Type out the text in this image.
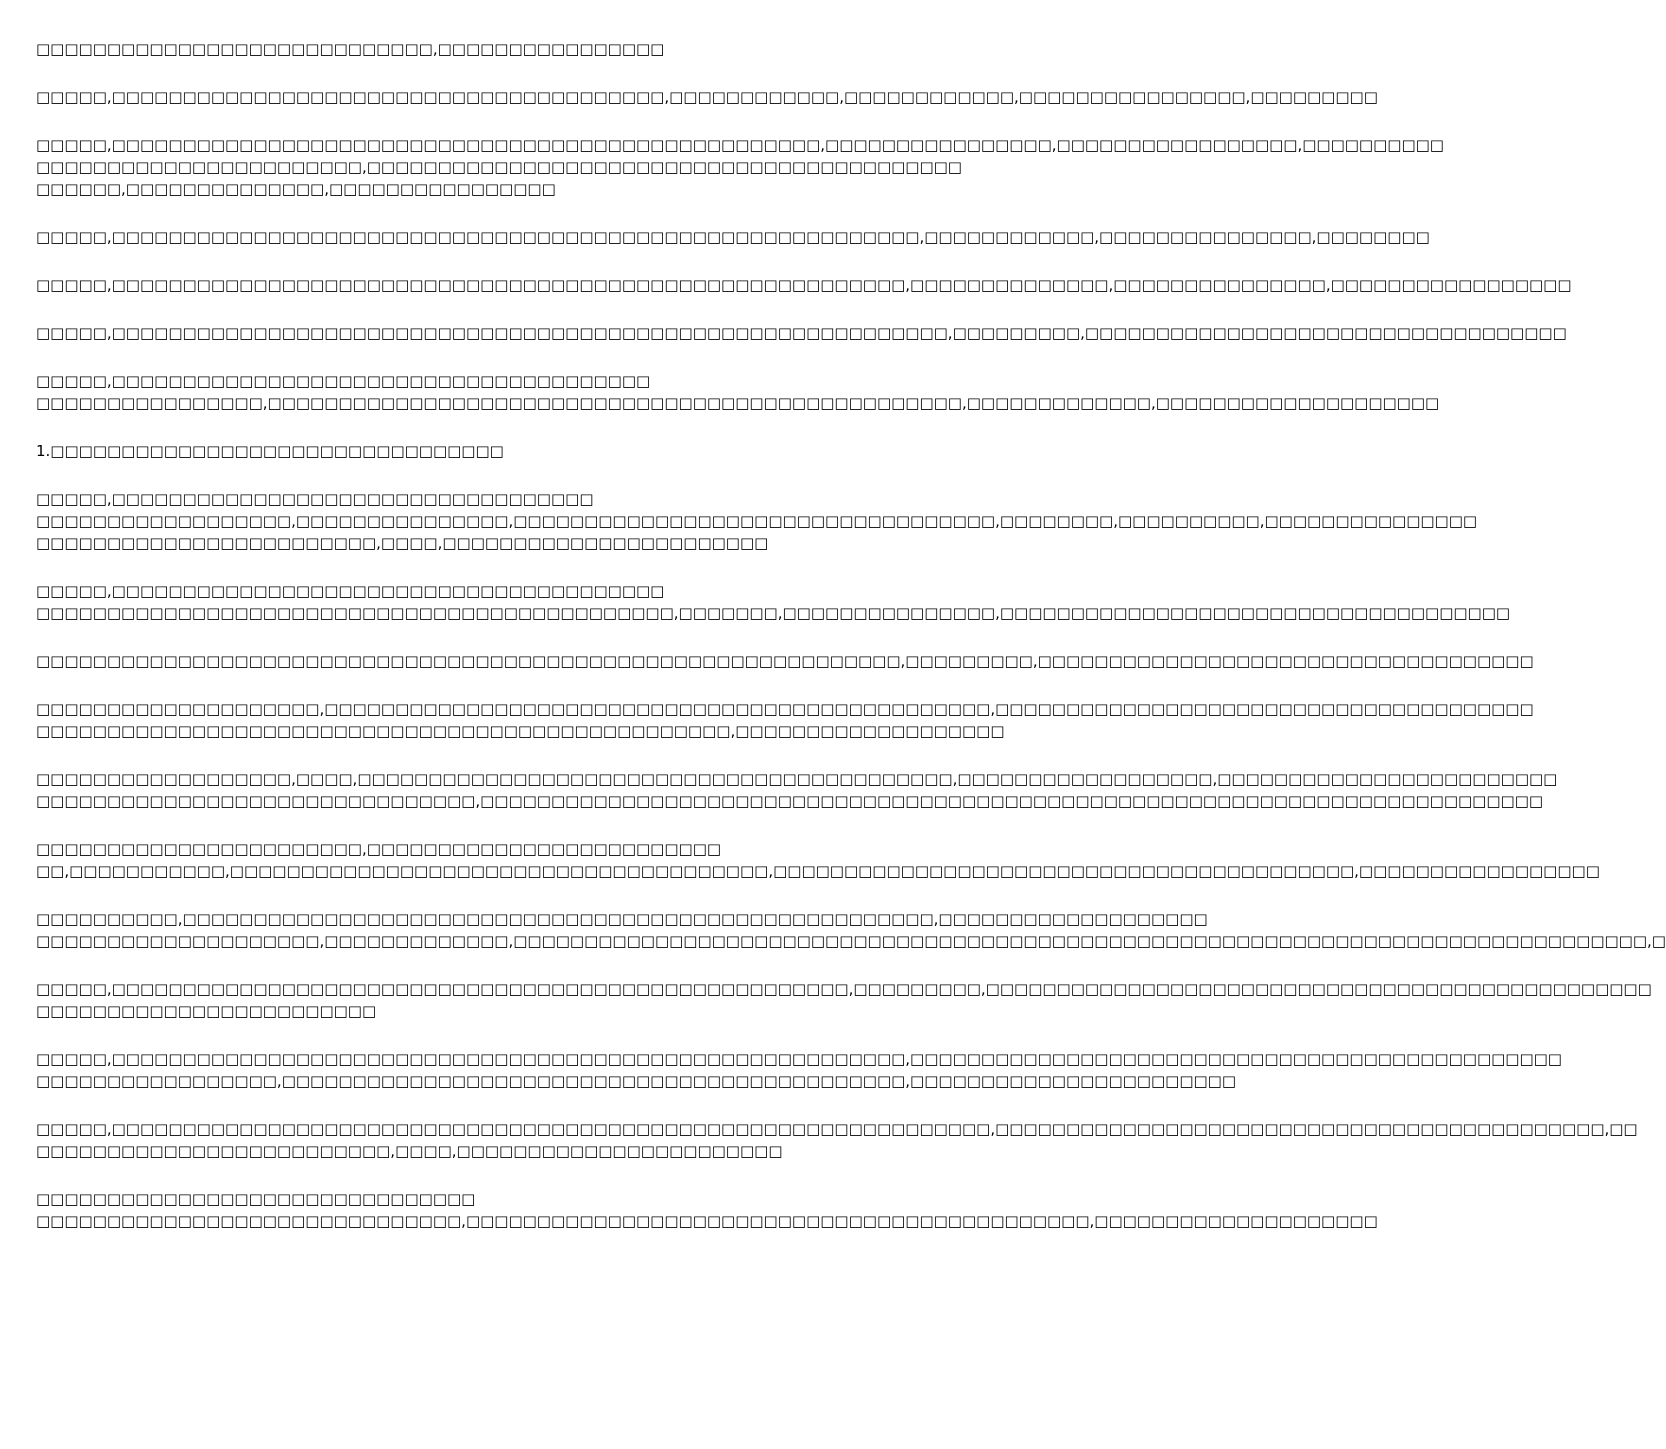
□□□□□□□□□□□□□□□□□□□□□□□□□□□□,□□□□□□□□□□□□□□□□
□□□□□,□□□□□□□□□□□□□□□□□□□□□□□□□□□□□□□□□□□□□□□,□□□□□□□□□□□□,□□□□□□□□□□□□,□□□□□□□□□□□□□□□□,□□□□□□□□□
□□□□□,□□□□□□□□□□□□□□□□□□□□□□□□□□□□□□□□□□□□□□□□□□□□□□□□□□,□□□□□□□□□□□□□□□□,□□□□□□□□□□□□□□□□□,□□□□□□□□□□
□□□□□□□□□□□□□□□□□□□□□□□,□□□□□□□□□□□□□□□□□□□□□□□□□□□□□□□□□□□□□□□□□□
□□□□□□,□□□□□□□□□□□□□□,□□□□□□□□□□□□□□□□
□□□□□,□□□□□□□□□□□□□□□□□□□□□□□□□□□□□□□□□□□□□□□□□□□□□□□□□□□□□□□□□,□□□□□□□□□□□□,□□□□□□□□□□□□□□□,□□□□□□□□
□□□□□,□□□□□□□□□□□□□□□□□□□□□□□□□□□□□□□□□□□□□□□□□□□□□□□□□□□□□□□□,□□□□□□□□□□□□□□,□□□□□□□□□□□□□□□,□□□□□□□□□□□□□□□□□
□□□□□,□□□□□□□□□□□□□□□□□□□□□□□□□□□□□□□□□□□□□□□□□□□□□□□□□□□□□□□□□□□,□□□□□□□□□,□□□□□□□□□□□□□□□□□□□□□□□□□□□□□□□□□□
□□□□□,□□□□□□□□□□□□□□□□□□□□□□□□□□□□□□□□□□□□□□
□□□□□□□□□□□□□□□□,□□□□□□□□□□□□□□□□□□□□□□□□□□□□□□□□□□□□□□□□□□□□□□□□□,□□□□□□□□□□□□□,□□□□□□□□□□□□□□□□□□□□
1.□□□□□□□□□□□□□□□□□□□□□□□□□□□□□□□□
□□□□□,□□□□□□□□□□□□□□□□□□□□□□□□□□□□□□□□□□
□□□□□□□□□□□□□□□□□□,□□□□□□□□□□□□□□□,□□□□□□□□□□□□□□□□□□□□□□□□□□□□□□□□□□,□□□□□□□□,□□□□□□□□□□,□□□□□□□□□□□□□□□
□□□□□□□□□□□□□□□□□□□□□□□□,□□□□,□□□□□□□□□□□□□□□□□□□□□□□
□□□□□,□□□□□□□□□□□□□□□□□□□□□□□□□□□□□□□□□□□□□□□
□□□□□□□□□□□□□□□□□□□□□□□□□□□□□□□□□□□□□□□□□□□□□,□□□□□□□,□□□□□□□□□□□□□□□,□□□□□□□□□□□□□□□□□□□□□□□□□□□□□□□□□□□□
□□□□□□□□□□□□□□□□□□□□□□□□□□□□□□□□□□□□□□□□□□□□□□□□□□□□□□□□□□□□□,□□□□□□□□□,□□□□□□□□□□□□□□□□□□□□□□□□□□□□□□□□□□□
□□□□□□□□□□□□□□□□□□□□,□□□□□□□□□□□□□□□□□□□□□□□□□□□□□□□□□□□□□□□□□□□□□□□,□□□□□□□□□□□□□□□□□□□□□□□□□□□□□□□□□□□□□□
□□□□□□□□□□□□□□□□□□□□□□□□□□□□□□□□□□□□□□□□□□□□□□□□□,□□□□□□□□□□□□□□□□□□□
□□□□□□□□□□□□□□□□□□,□□□□,□□□□□□□□□□□□□□□□□□□□□□□□□□□□□□□□□□□□□□□□□□,□□□□□□□□□□□□□□□□□□,□□□□□□□□□□□□□□□□□□□□□□□□
□□□□□□□□□□□□□□□□□□□□□□□□□□□□□□□,□□□□□□□□□□□□□□□□□□□□□□□□□□□□□□□□□□□□□□□□□□□□□□□□□□□□□□□□□□□□□□□□□□□□□□□□□□□
□□□□□□□□□□□□□□□□□□□□□□□,□□□□□□□□□□□□□□□□□□□□□□□□□
□□,□□□□□□□□□□□,□□□□□□□□□□□□□□□□□□□□□□□□□□□□□□□□□□□□□□,□□□□□□□□□□□□□□□□□□□□□□□□□□□□□□□□□□□□□□□□□,□□□□□□□□□□□□□□□□□
□□□□□□□□□□,□□□□□□□□□□□□□□□□□□□□□□□□□□□□□□□□□□□□□□□□□□□□□□□□□□□□□,□□□□□□□□□□□□□□□□□□□
□□□□□□□□□□□□□□□□□□□□,□□□□□□□□□□□□□,□□□□□□□□□□□□□□□□□□□□□□□□□□□□□□□□□□□□□□□□□□□□□□□□□□□□□□□□□□□□□□□□□□□□□□□□□□□□□□□□,□
□□□□□,□□□□□□□□□□□□□□□□□□□□□□□□□□□□□□□□□□□□□□□□□□□□□□□□□□□□,□□□□□□□□□,□□□□□□□□□□□□□□□□□□□□□□□□□□□□□□□□□□□□□□□□□□□□□□□
□□□□□□□□□□□□□□□□□□□□□□□□
□□□□□,□□□□□□□□□□□□□□□□□□□□□□□□□□□□□□□□□□□□□□□□□□□□□□□□□□□□□□□□,□□□□□□□□□□□□□□□□□□□□□□□□□□□□□□□□□□□□□□□□□□□□□□
□□□□□□□□□□□□□□□□□,□□□□□□□□□□□□□□□□□□□□□□□□□□□□□□□□□□□□□□□□□□□□,□□□□□□□□□□□□□□□□□□□□□□□
□□□□□,□□□□□□□□□□□□□□□□□□□□□□□□□□□□□□□□□□□□□□□□□□□□□□□□□□□□□□□□□□□□□□,□□□□□□□□□□□□□□□□□□□□□□□□□□□□□□□□□□□□□□□□□□□,□□
□□□□□□□□□□□□□□□□□□□□□□□□□,□□□□,□□□□□□□□□□□□□□□□□□□□□□□
□□□□□□□□□□□□□□□□□□□□□□□□□□□□□□□
□□□□□□□□□□□□□□□□□□□□□□□□□□□□□□,□□□□□□□□□□□□□□□□□□□□□□□□□□□□□□□□□□□□□□□□□□□□,□□□□□□□□□□□□□□□□□□□□
